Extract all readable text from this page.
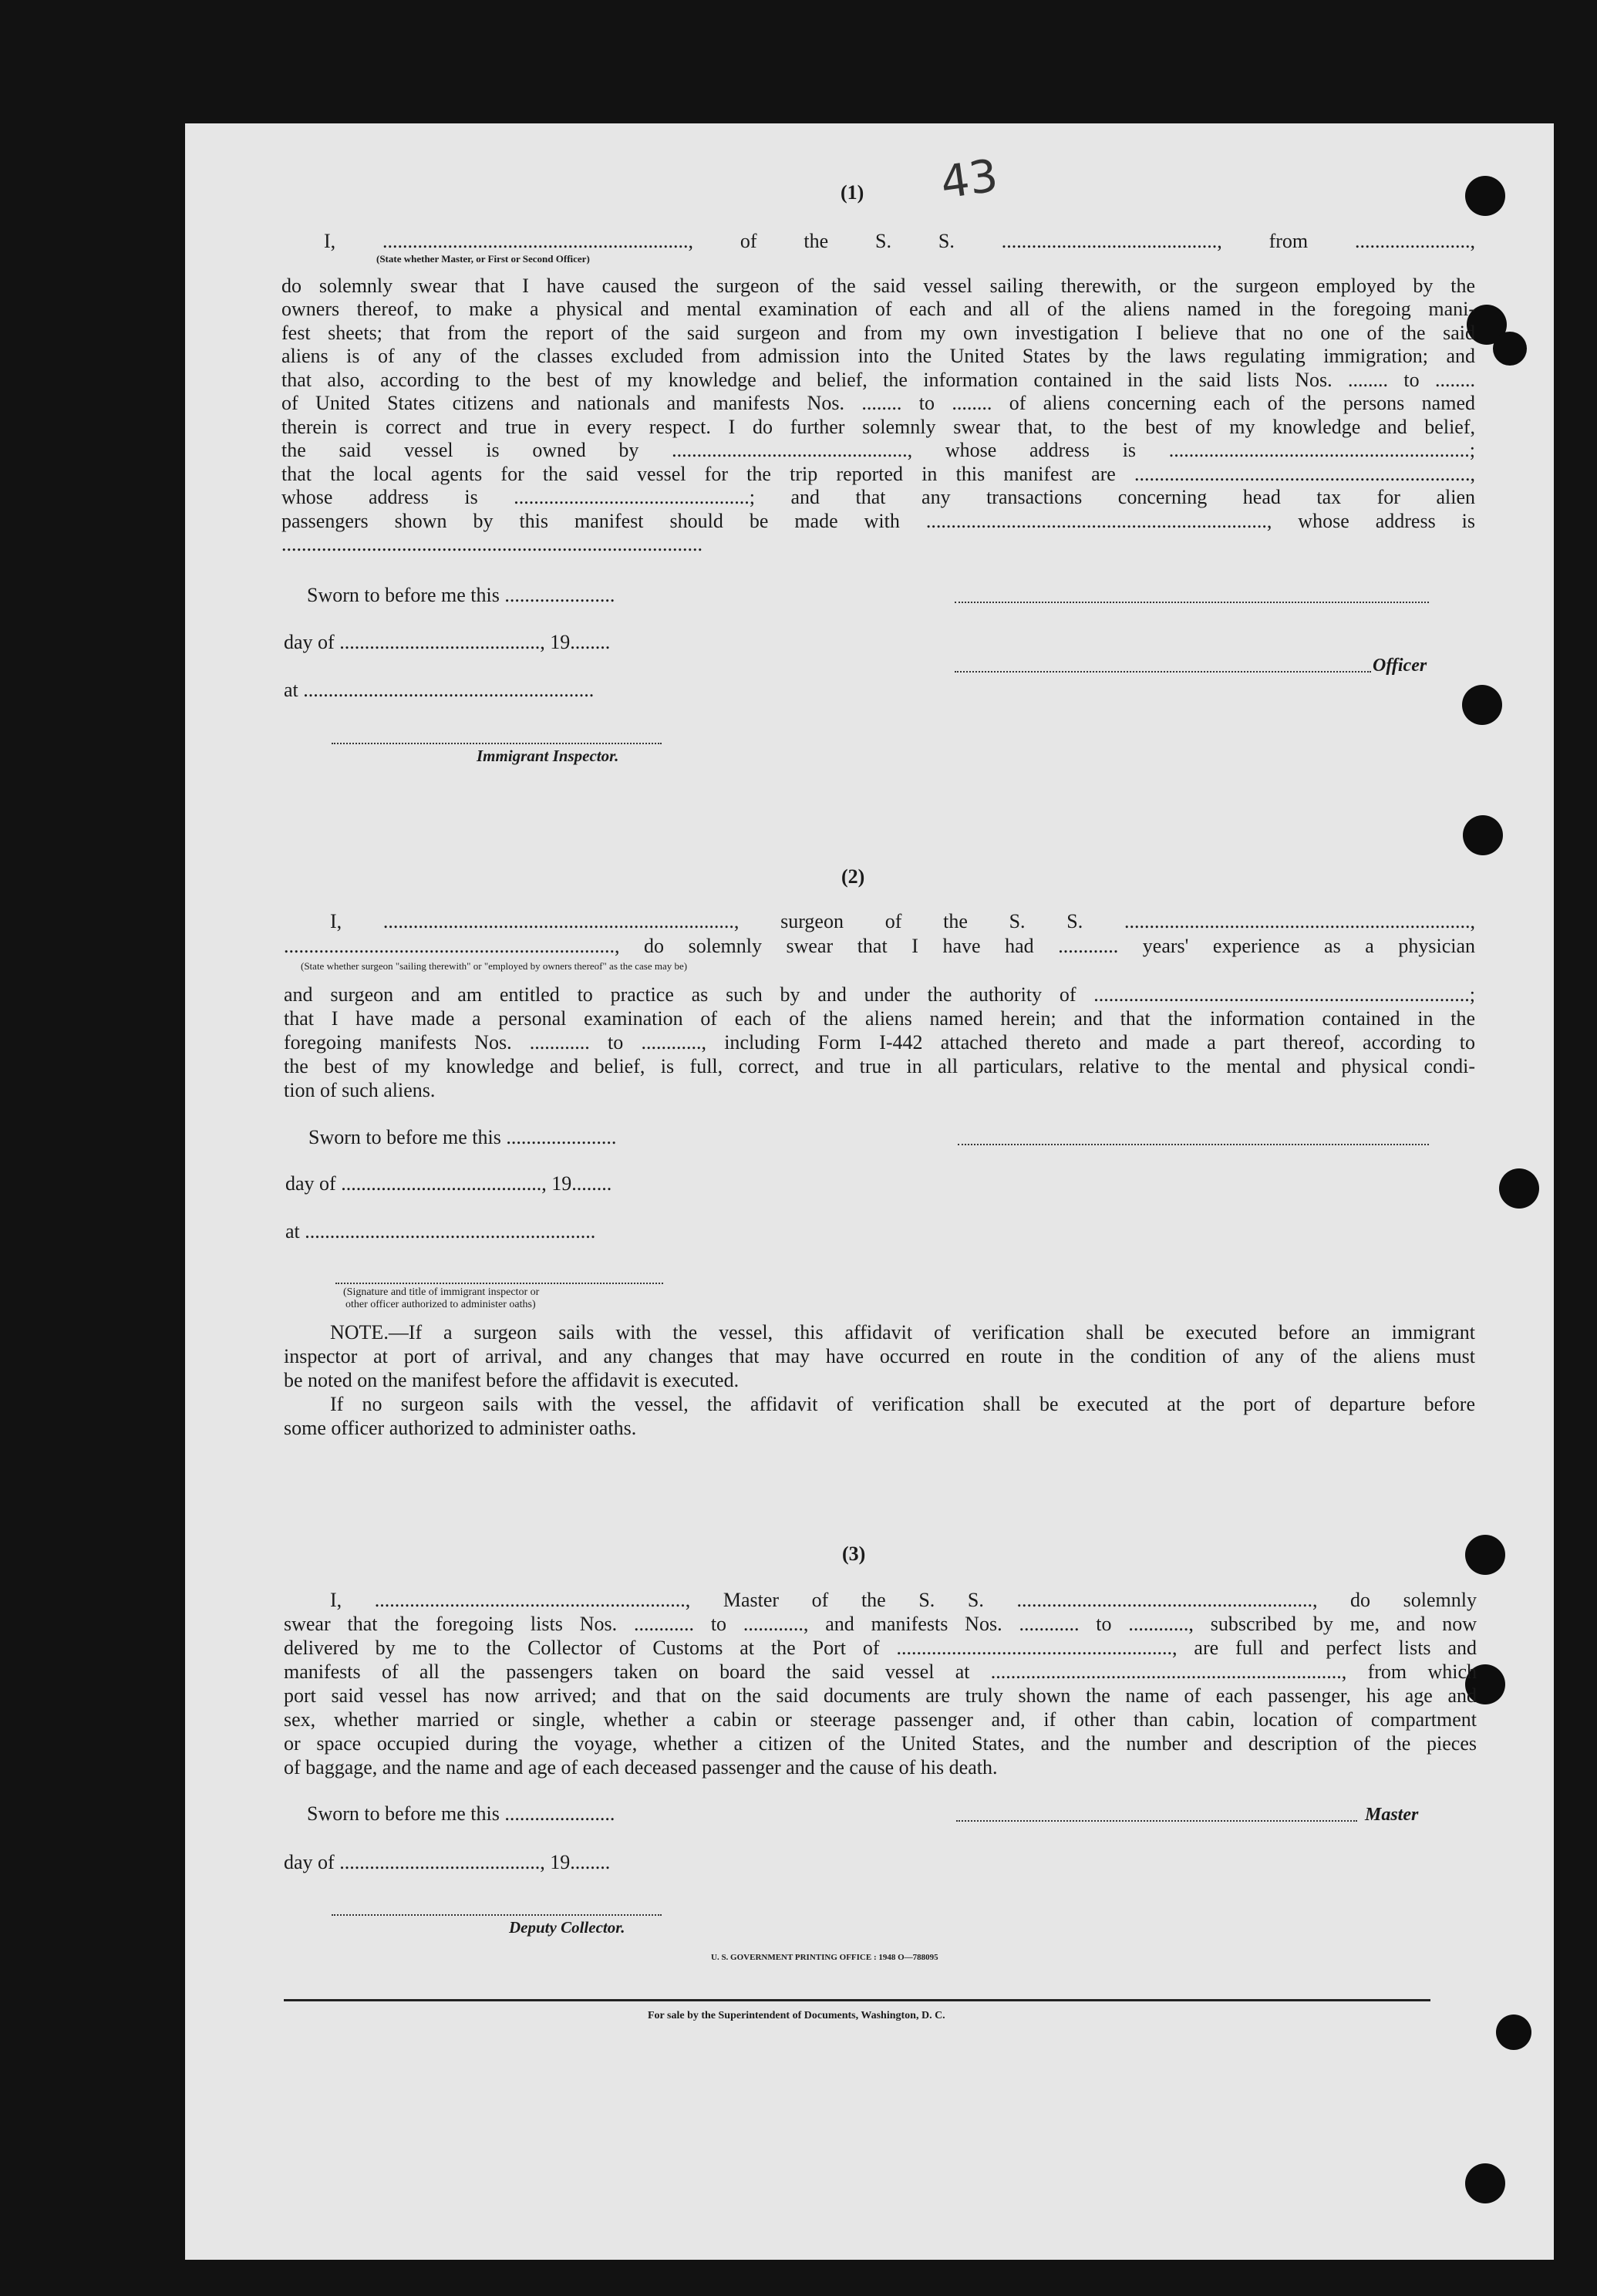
43
(1)
I, ............................................................., of the S. S. ..........................................., from .......................,
(State whether Master, or First or Second Officer)
do solemnly swear that I have caused the surgeon of the said vessel sailing therewith, or the surgeon employed by the
owners thereof, to make a physical and mental examination of each and all of the aliens named in the foregoing mani-
fest sheets; that from the report of the said surgeon and from my own investigation I believe that no one of the said
aliens is of any of the classes excluded from admission into the United States by the laws regulating immigration; and
that also, according to the best of my knowledge and belief, the information contained in the said lists Nos. ........ to ........
of United States citizens and nationals and manifests Nos. ........ to ........ of aliens concerning each of the persons named
therein is correct and true in every respect. I do further solemnly swear that, to the best of my knowledge and belief,
the said vessel is owned by ..............................................., whose address is ............................................................;
that the local agents for the said vessel for the trip reported in this manifest are ...................................................................,
whose address is ...............................................; and that any transactions concerning head tax for alien
passengers shown by this manifest should be made with ...................................................................., whose address is
....................................................................................
Sworn to before me this ......................
day of ........................................, 19........
Officer
at ..........................................................
Immigrant Inspector.
(2)
I, ......................................................................, surgeon of the S. S. .....................................................................,
.................................................................., do solemnly swear that I have had ............ years' experience as a physician
(State whether surgeon "sailing therewith" or "employed by owners thereof" as the case may be)
and surgeon and am entitled to practice as such by and under the authority of ...........................................................................;
that I have made a personal examination of each of the aliens named herein; and that the information contained in the
foregoing manifests Nos. ............ to ............, including Form I-442 attached thereto and made a part thereof, according to
the best of my knowledge and belief, is full, correct, and true in all particulars, relative to the mental and physical condi-
tion of such aliens.
Sworn to before me this ......................
day of ........................................, 19........
at ..........................................................
(Signature and title of immigrant inspector or
other officer authorized to administer oaths)
NOTE.—If a surgeon sails with the vessel, this affidavit of verification shall be executed before an immigrant
inspector at port of arrival, and any changes that may have occurred en route in the condition of any of the aliens must
be noted on the manifest before the affidavit is executed.
If no surgeon sails with the vessel, the affidavit of verification shall be executed at the port of departure before
some officer authorized to administer oaths.
(3)
I, .............................................................., Master of the S. S. ..........................................................., do solemnly
swear that the foregoing lists Nos. ............ to ............, and manifests Nos. ............ to ............, subscribed by me, and now
delivered by me to the Collector of Customs at the Port of ......................................................., are full and perfect lists and
manifests of all the passengers taken on board the said vessel at ......................................................................, from which
port said vessel has now arrived; and that on the said documents are truly shown the name of each passenger, his age and
sex, whether married or single, whether a cabin or steerage passenger and, if other than cabin, location of compartment
or space occupied during the voyage, whether a citizen of the United States, and the number and description of the pieces
of baggage, and the name and age of each deceased passenger and the cause of his death.
Sworn to before me this ......................	Master
day of ........................................, 19........
Deputy Collector.
U. S. GOVERNMENT PRINTING OFFICE : 1948 O—788095
For sale by the Superintendent of Documents, Washington, D. C.
